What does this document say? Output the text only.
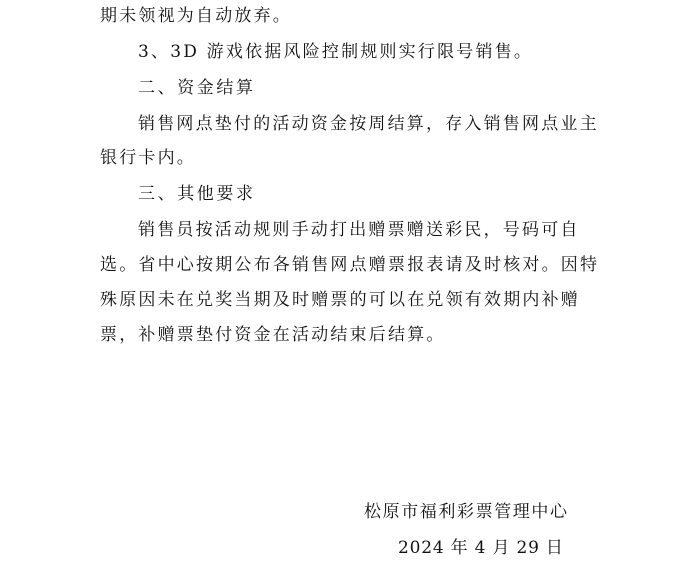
期未领视为自动放弃。
3、3D 游戏依据风险控制规则实行限号销售。
二、资金结算
销售网点垫付的活动资金按周结算，存入销售网点业主
银行卡内。
三、其他要求
销售员按活动规则手动打出赠票赠送彩民，号码可自
选。省中心按期公布各销售网点赠票报表请及时核对。因特
殊原因未在兑奖当期及时赠票的可以在兑领有效期内补赠
票，补赠票垫付资金在活动结束后结算。
松原市福利彩票管理中心
2024 年 4 月 29 日
